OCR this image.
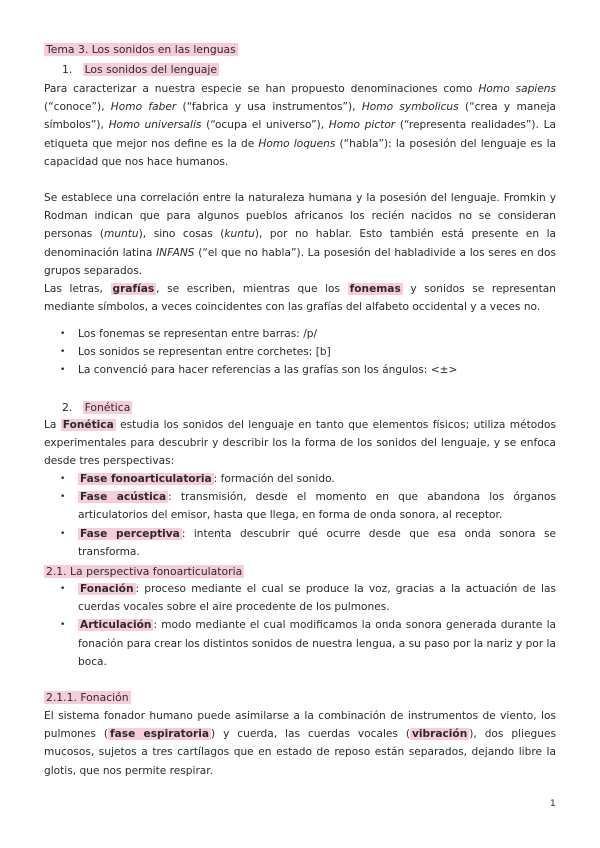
Tema 3. Los sonidos en las lenguas
1. Los sonidos del lenguaje
Para caracterizar a nuestra especie se han propuesto denominaciones como Homo sapiens (“conoce”), Homo faber (“fabrica y usa instrumentos”), Homo symbolicus (“crea y maneja símbolos”), Homo universalis (“ocupa el universo”), Homo pictor (“representa realidades”). La etiqueta que mejor nos define es la de Homo loquens (“habla”): la posesión del lenguaje es la capacidad que nos hace humanos.
Se establece una correlación entre la naturaleza humana y la posesión del lenguaje. Fromkin y Rodman indican que para algunos pueblos africanos los recién nacidos no se consideran personas (muntu), sino cosas (kuntu), por no hablar. Esto también está presente en la denominación latina INFANS (“el que no habla”). La posesión del habladivide a los seres en dos grupos separados.
Las letras, grafías , se escriben, mientras que los fonemas y sonidos se representan mediante símbolos, a veces coincidentes con las grafías del alfabeto occidental y a veces no.
• Los fonemas se representan entre barras: /p/
• Los sonidos se representan entre corchetes: [b]
• La convenció para hacer referencias a las grafías son los ángulos: <±>
2. Fonética
La Fonética estudia los sonidos del lenguaje en tanto que elementos físicos; utiliza métodos experimentales para descubrir y describir los la forma de los sonidos del lenguaje, y se enfoca desde tres perspectivas:
• Fase fonoarticulatoria : formación del sonido.
• Fase acústica : transmisión, desde el momento en que abandona los órganos articulatorios del emisor, hasta que llega, en forma de onda sonora, al receptor.
• Fase perceptiva : intenta descubrir qué ocurre desde que esa onda sonora se transforma.
2.1. La perspectiva fonoarticulatoria
• Fonación : proceso mediante el cual se produce la voz, gracias a la actuación de las cuerdas vocales sobre el aire procedente de los pulmones.
• Articulación : modo mediante el cual modificamos la onda sonora generada durante la fonación para crear los distintos sonidos de nuestra lengua, a su paso por la nariz y por la boca.
2.1.1. Fonación
El sistema fonador humano puede asimilarse a la combinación de instrumentos de viento, los pulmones ( fase espiratoria ) y cuerda, las cuerdas vocales ( vibración ), dos pliegues mucosos, sujetos a tres cartílagos que en estado de reposo están separados, dejando libre la glotis, que nos permite respirar.
1
